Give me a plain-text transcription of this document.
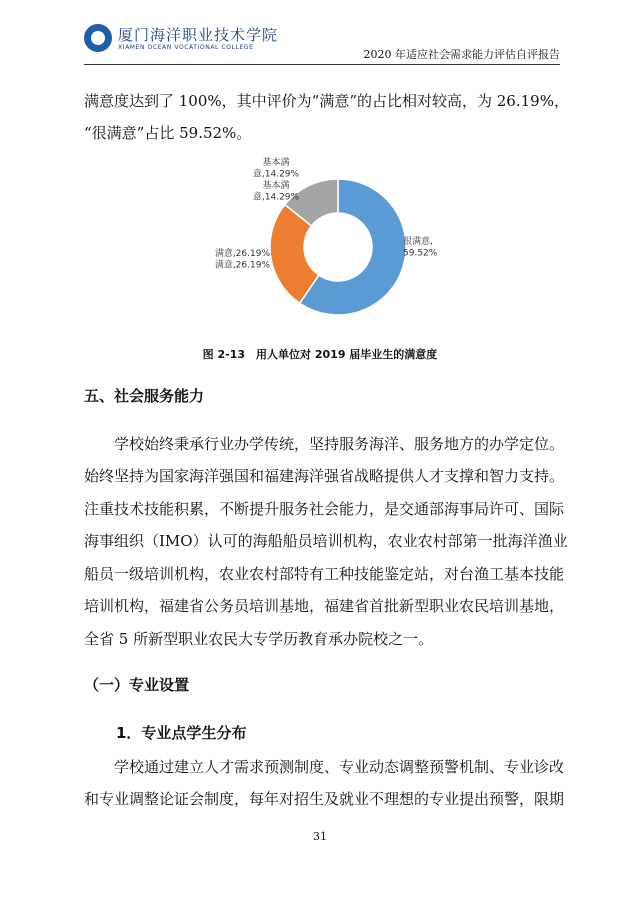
厦门海洋职业技术学院
XIAMEN OCEAN VOCATIONAL COLLEGE
2020 年适应社会需求能力评估自评报告
满意度达到了 100%，其中评价为“满意”的占比相对较高，为 26.19%，
“很满意”占比 59.52%。
很满意, 59.52%
满意,26.19%满意,26.19%
基本满意,14.29%基本满意,14.29%
图 2-13　用人单位对 2019 届毕业生的满意度
五、社会服务能力
学校始终秉承行业办学传统，坚持服务海洋、服务地方的办学定位。
始终坚持为国家海洋强国和福建海洋强省战略提供人才支撑和智力支持。
注重技术技能积累，不断提升服务社会能力，是交通部海事局许可、国际
海事组织（IMO）认可的海船船员培训机构，农业农村部第一批海洋渔业
船员一级培训机构，农业农村部特有工种技能鉴定站，对台渔工基本技能
培训机构，福建省公务员培训基地，福建省首批新型职业农民培训基地，
全省 5 所新型职业农民大专学历教育承办院校之一。
（一）专业设置
1．专业点学生分布
学校通过建立人才需求预测制度、专业动态调整预警机制、专业诊改
和专业调整论证会制度，每年对招生及就业不理想的专业提出预警，限期
31
